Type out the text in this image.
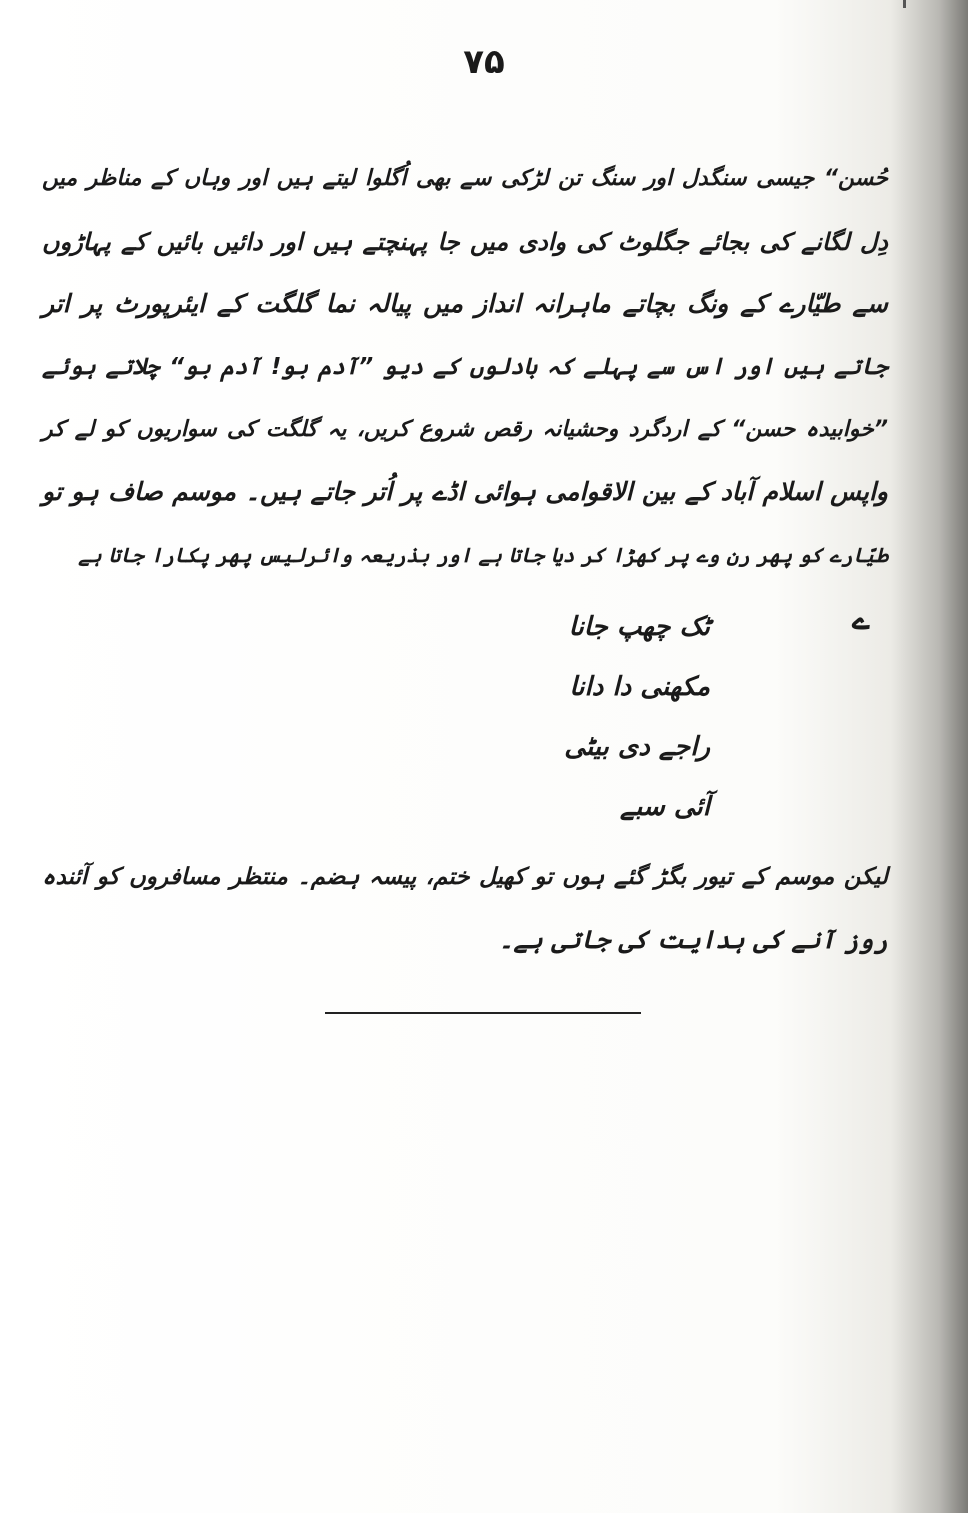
۷۵
حُسن“ جیسی سنگدل اور سنگ تن لڑکی سے بھی اُگلوا لیتے ہیں اور وہاں کے مناظر میں
دِل لگانے کی بجائے جگلوٹ کی وادی میں جا پہنچتے ہیں اور دائیں بائیں کے پہاڑوں
سے طیّارے کے ونگ بچاتے ماہرانہ انداز میں پیالہ نما گلگت کے ایئرپورٹ پر اتر
جاتے ہیں اور اس سے پہلے کہ بادلوں کے دیو ”آدم بو! آدم بو“ چلاتے ہوئے
”خوابیدہ حسن“ کے اردگرد وحشیانہ رقص شروع کریں، یہ گلگت کی سواریوں کو لے کر
واپس اسلام آباد کے بین الاقوامی ہوائی اڈے پر اُتر جاتے ہیں۔ موسم صاف ہو تو
طیّارے کو پھر رن وے پر کھڑا کر دیا جاتا ہے اور بذریعہ وائرلیس پھر پکارا جاتا ہے
ے
ٹک چھپ جانا
مکھنی دا دانا
راجے دی بیٹی
آئی سبے
لیکن موسم کے تیور بگڑ گئے ہوں تو کھیل ختم، پیسہ ہضم۔ منتظر مسافروں کو آئندہ
روز آنے کی ہدایت کی جاتی ہے۔
